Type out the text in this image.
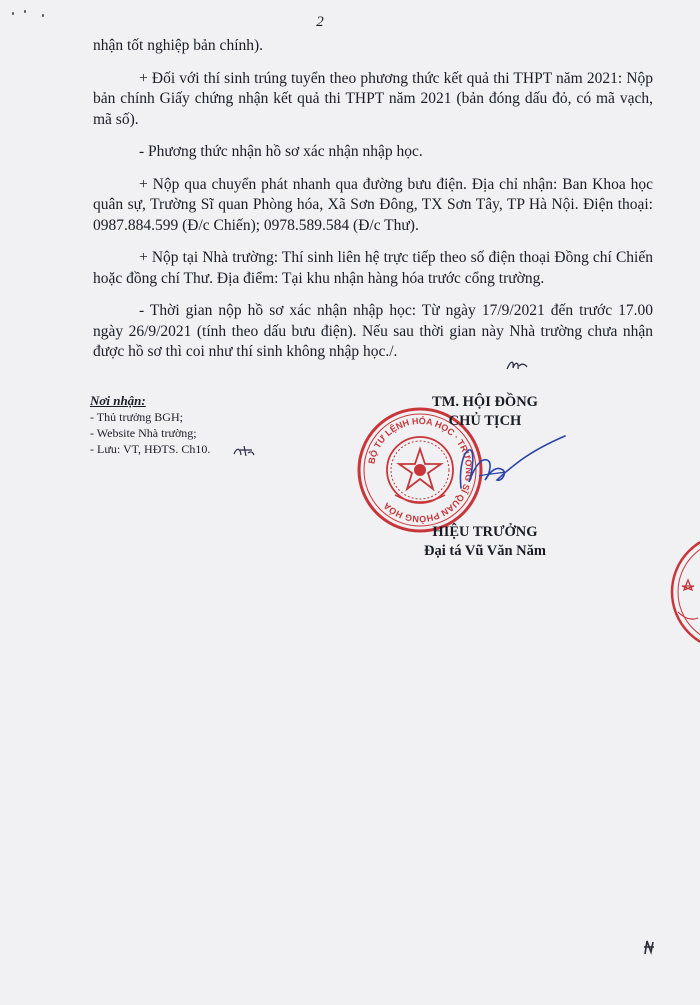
2

nhận tốt nghiệp bản chính).

+ Đối với thí sinh trúng tuyển theo phương thức kết quả thi THPT năm 2021: Nộp bản chính Giấy chứng nhận kết quả thi THPT năm 2021 (bản đóng dấu đỏ, có mã vạch, mã số).

- Phương thức nhận hồ sơ xác nhận nhập học.

+ Nộp qua chuyển phát nhanh qua đường bưu điện. Địa chỉ nhận: Ban Khoa học quân sự, Trường Sĩ quan Phòng hóa, Xã Sơn Đông, TX Sơn Tây, TP Hà Nội. Điện thoại: 0987.884.599 (Đ/c Chiến); 0978.589.584 (Đ/c Thư).

+ Nộp tại Nhà trường: Thí sinh liên hệ trực tiếp theo số điện thoại Đồng chí Chiến hoặc đồng chí Thư. Địa điểm: Tại khu nhận hàng hóa trước cổng trường.

- Thời gian nộp hồ sơ xác nhận nhập học: Từ ngày 17/9/2021 đến trước 17.00 ngày 26/9/2021 (tính theo dấu bưu điện). Nếu sau thời gian này Nhà trường chưa nhận được hồ sơ thì coi như thí sinh không nhập học./.

Nơi nhận:
- Thủ trưởng BGH;
- Website Nhà trường;
- Lưu: VT, HĐTS. Ch10.
BỘ TƯ LỆNH HÓA HỌC · TRƯỜNG SĨ QUAN PHÒNG HÓA
TM. HỘI ĐỒNG
CHỦ TỊCH
HIỆU TRƯỞNG
Đại tá Vũ Văn Năm
